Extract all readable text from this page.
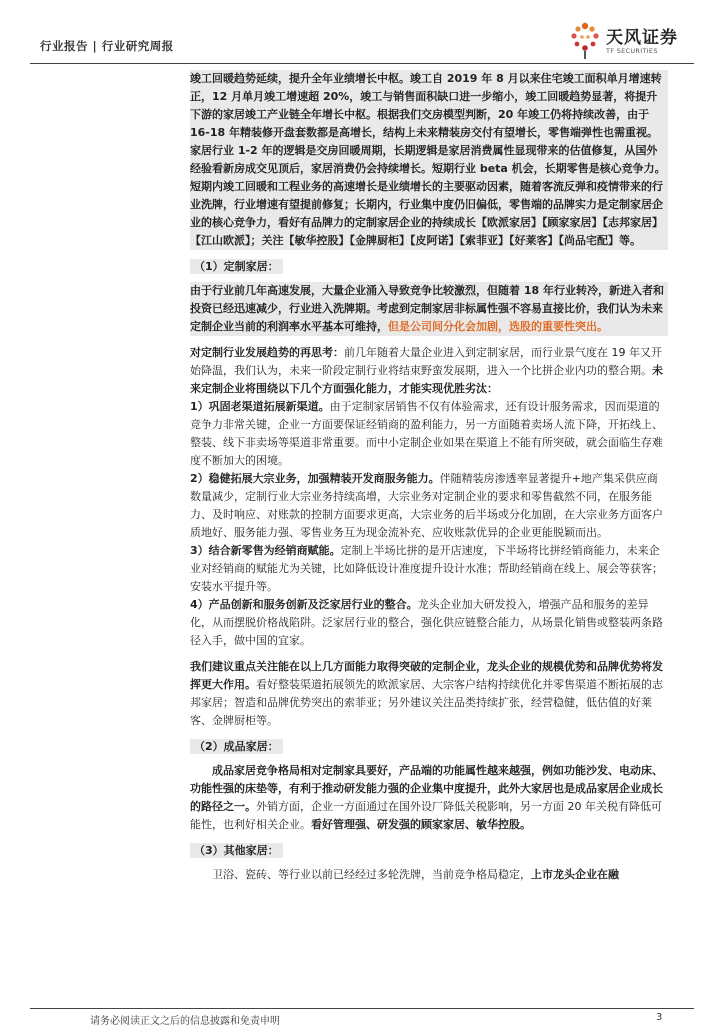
行业报告 | 行业研究周报	天风证券
TF SECURITIES

竣工回暖趋势延续，提升全年业绩增长中枢。竣工自 2019 年 8 月以来住宅竣工面积单月增速转正，12 月单月竣工增速超 20%，竣工与销售面积缺口进一步缩小，竣工回暖趋势显著，将提升下游的家居竣工产业链全年增长中枢。根据我们交房模型判断，20 年竣工仍将持续改善，由于 16-18 年精装修开盘套数都是高增长，结构上未来精装房交付有望增长，零售端弹性也需重视。家居行业 1-2 年的逻辑是交房回暖周期，长期逻辑是家居消费属性显现带来的估值修复，从国外经验看新房成交见顶后，家居消费仍会持续增长。短期行业 beta 机会，长期零售是核心竞争力。短期内竣工回暖和工程业务的高速增长是业绩增长的主要驱动因素，随着客流反弹和疫情带来的行业洗牌，行业增速有望提前修复；长期内，行业集中度仍旧偏低，零售端的品牌实力是定制家居企业的核心竞争力，看好有品牌力的定制家居企业的持续成长【欧派家居】【顾家家居】【志邦家居】【江山欧派】；关注【敏华控股】【金牌厨柜】【皮阿诺】【索菲亚】【好莱客】【尚品宅配】等。

（1）定制家居：

由于行业前几年高速发展，大量企业涌入导致竞争比较激烈，但随着 18 年行业转冷，新进入者和投资已经迅速减少，行业进入洗牌期。考虑到定制家居非标属性强不容易直接比价，我们认为未来定制企业当前的利润率水平基本可维持，但是公司间分化会加剧，选股的重要性突出。

对定制行业发展趋势的再思考：前几年随着大量企业进入到定制家居，而行业景气度在 19 年又开始降温，我们认为，未来一阶段定制行业将结束野蛮发展期，进入一个比拼企业内功的整合期。未来定制企业将围绕以下几个方面强化能力，才能实现优胜劣汰：

1）巩固老渠道拓展新渠道。由于定制家居销售不仅有体验需求，还有设计服务需求，因而渠道的竞争力非常关键，企业一方面要保证经销商的盈利能力，另一方面随着卖场人流下降，开拓线上、整装、线下非卖场等渠道非常重要。而中小定制企业如果在渠道上不能有所突破，就会面临生存难度不断加大的困境。

2）稳健拓展大宗业务，加强精装开发商服务能力。伴随精装房渗透率显著提升+地产集采供应商数量减少，定制行业大宗业务持续高增，大宗业务对定制企业的要求和零售截然不同，在服务能力、及时响应、对账款的控制方面要求更高，大宗业务的后半场或分化加剧，在大宗业务方面客户质地好、服务能力强、零售业务互为现金流补充、应收账款优异的企业更能脱颖而出。

3）结合新零售为经销商赋能。定制上半场比拼的是开店速度，下半场将比拼经销商能力，未来企业对经销商的赋能尤为关键，比如降低设计准度提升设计水准；帮助经销商在线上、展会等获客；安装水平提升等。

4）产品创新和服务创新及泛家居行业的整合。龙头企业加大研发投入，增强产品和服务的差异化，从而摆脱价格战陷阱。泛家居行业的整合，强化供应链整合能力，从场景化销售或整装两条路径入手，做中国的宜家。

我们建议重点关注能在以上几方面能力取得突破的定制企业，龙头企业的规模优势和品牌优势将发挥更大作用。看好整装渠道拓展领先的欧派家居、大宗客户结构持续优化并零售渠道不断拓展的志邦家居；智造和品牌优势突出的索菲亚；另外建议关注品类持续扩张，经营稳健，低估值的好莱客、金牌厨柜等。

（2）成品家居：

成品家居竞争格局相对定制家具要好，产品端的功能属性越来越强，例如功能沙发、电动床、功能性强的床垫等，有利于推动研发能力强的企业集中度提升，此外大家居也是成品家居企业成长的路径之一。外销方面，企业一方面通过在国外设厂降低关税影响，另一方面 20 年关税有降低可能性，也利好相关企业。看好管理强、研发强的顾家家居、敏华控股。

（3）其他家居：

卫浴、瓷砖、等行业以前已经经过多轮洗牌，当前竞争格局稳定，上市龙头企业在融

请务必阅读正文之后的信息披露和免责申明	3
